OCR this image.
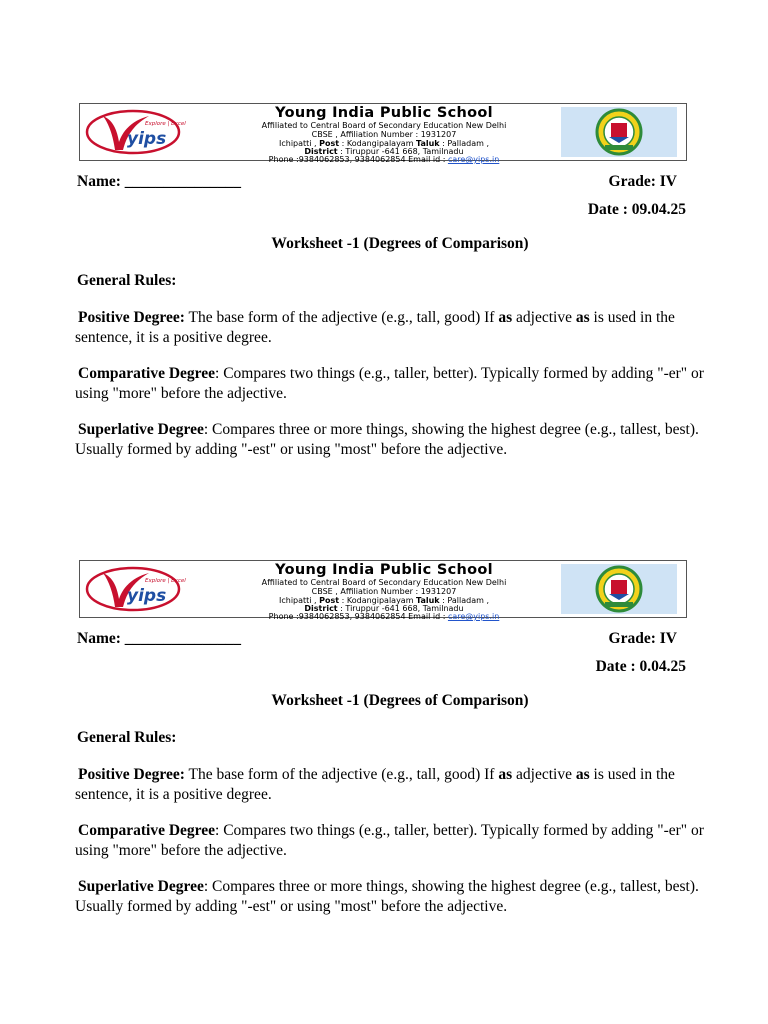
yips
Explore | Excel
Young India Public School
Affiliated to Central Board of Secondary Education New Delhi
CBSE , Affiliation Number : 1931207
Ichipatti , Post : Kodangipalayam Taluk : Palladam ,
District : Tiruppur -641 668, Tamilnadu
Phone :9384062853, 9384062854 Email id : care@yips.in
Name: _______________	Grade: IV
Date : 09.04.25
Worksheet -1 (Degrees of Comparison)
General Rules:
Positive Degree: The base form of the adjective (e.g., tall, good) If as adjective as is used in the sentence, it is a positive degree.
Comparative Degree: Compares two things (e.g., taller, better). Typically formed by adding "-er" or using "more" before the adjective.
Superlative Degree: Compares three or more things, showing the highest degree (e.g., tallest, best). Usually formed by adding "-est" or using "most" before the adjective.
yips
Explore | Excel
Young India Public School
Affiliated to Central Board of Secondary Education New Delhi
CBSE , Affiliation Number : 1931207
Ichipatti , Post : Kodangipalayam Taluk : Palladam ,
District : Tiruppur -641 668, Tamilnadu
Phone :9384062853, 9384062854 Email id : care@yips.in
Name: _______________	Grade: IV
Date : 0.04.25
Worksheet -1 (Degrees of Comparison)
General Rules:
Positive Degree: The base form of the adjective (e.g., tall, good) If as adjective as is used in the sentence, it is a positive degree.
Comparative Degree: Compares two things (e.g., taller, better). Typically formed by adding "-er" or using "more" before the adjective.
Superlative Degree: Compares three or more things, showing the highest degree (e.g., tallest, best). Usually formed by adding "-est" or using "most" before the adjective.
